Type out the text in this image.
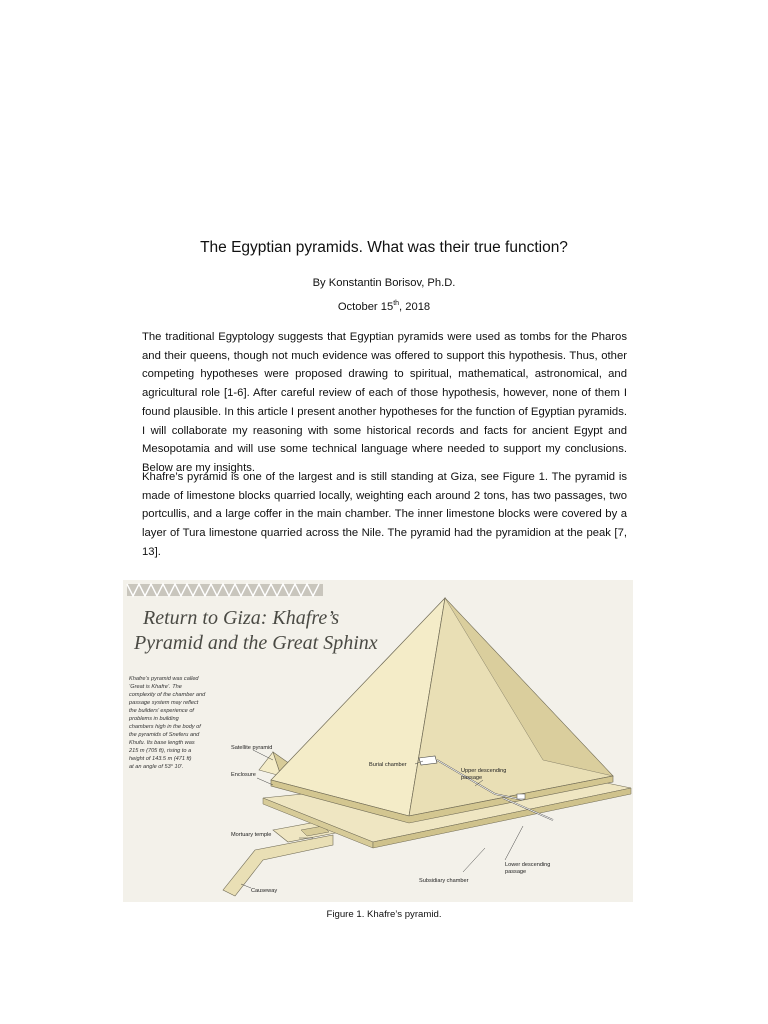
The Egyptian pyramids. What was their true function?
By Konstantin Borisov, Ph.D.
October 15th, 2018

The traditional Egyptology suggests that Egyptian pyramids were used as tombs for the Pharos and their queens, though not much evidence was offered to support this hypothesis. Thus, other competing hypotheses were proposed drawing to spiritual, mathematical, astronomical, and agricultural role [1-6]. After careful review of each of those hypothesis, however, none of them I found plausible. In this article I present another hypotheses for the function of Egyptian pyramids. I will collaborate my reasoning with some historical records and facts for ancient Egypt and Mesopotamia and will use some technical language where needed to support my conclusions. Below are my insights.

Khafre’s pyramid is one of the largest and is still standing at Giza, see Figure 1. The pyramid is made of limestone blocks quarried locally, weighting each around 2 tons, has two passages, two portcullis, and a large coffer in the main chamber. The inner limestone blocks were covered by a layer of Tura limestone quarried across the Nile. The pyramid had the pyramidion at the peak [7, 13].

Return to Giza: Khafre’s
Pyramid and the Great Sphinx
Khafre’s pyramid was called
‘Great is Khafre’. The
complexity of the chamber and
passage system may reflect
the builders’ experience of
problems in building
chambers high in the body of
the pyramids of Sneferu and
Khufu. Its base length was
215 m (705 ft), rising to a
height of 143.5 m (471 ft)
at an angle of 53° 10′.
Satellite pyramid
Enclosure
Burial chamber
Upper descending
passage
Mortuary temple
Lower descending
passage
Subsidiary chamber
Causeway
Figure 1. Khafre’s pyramid.
